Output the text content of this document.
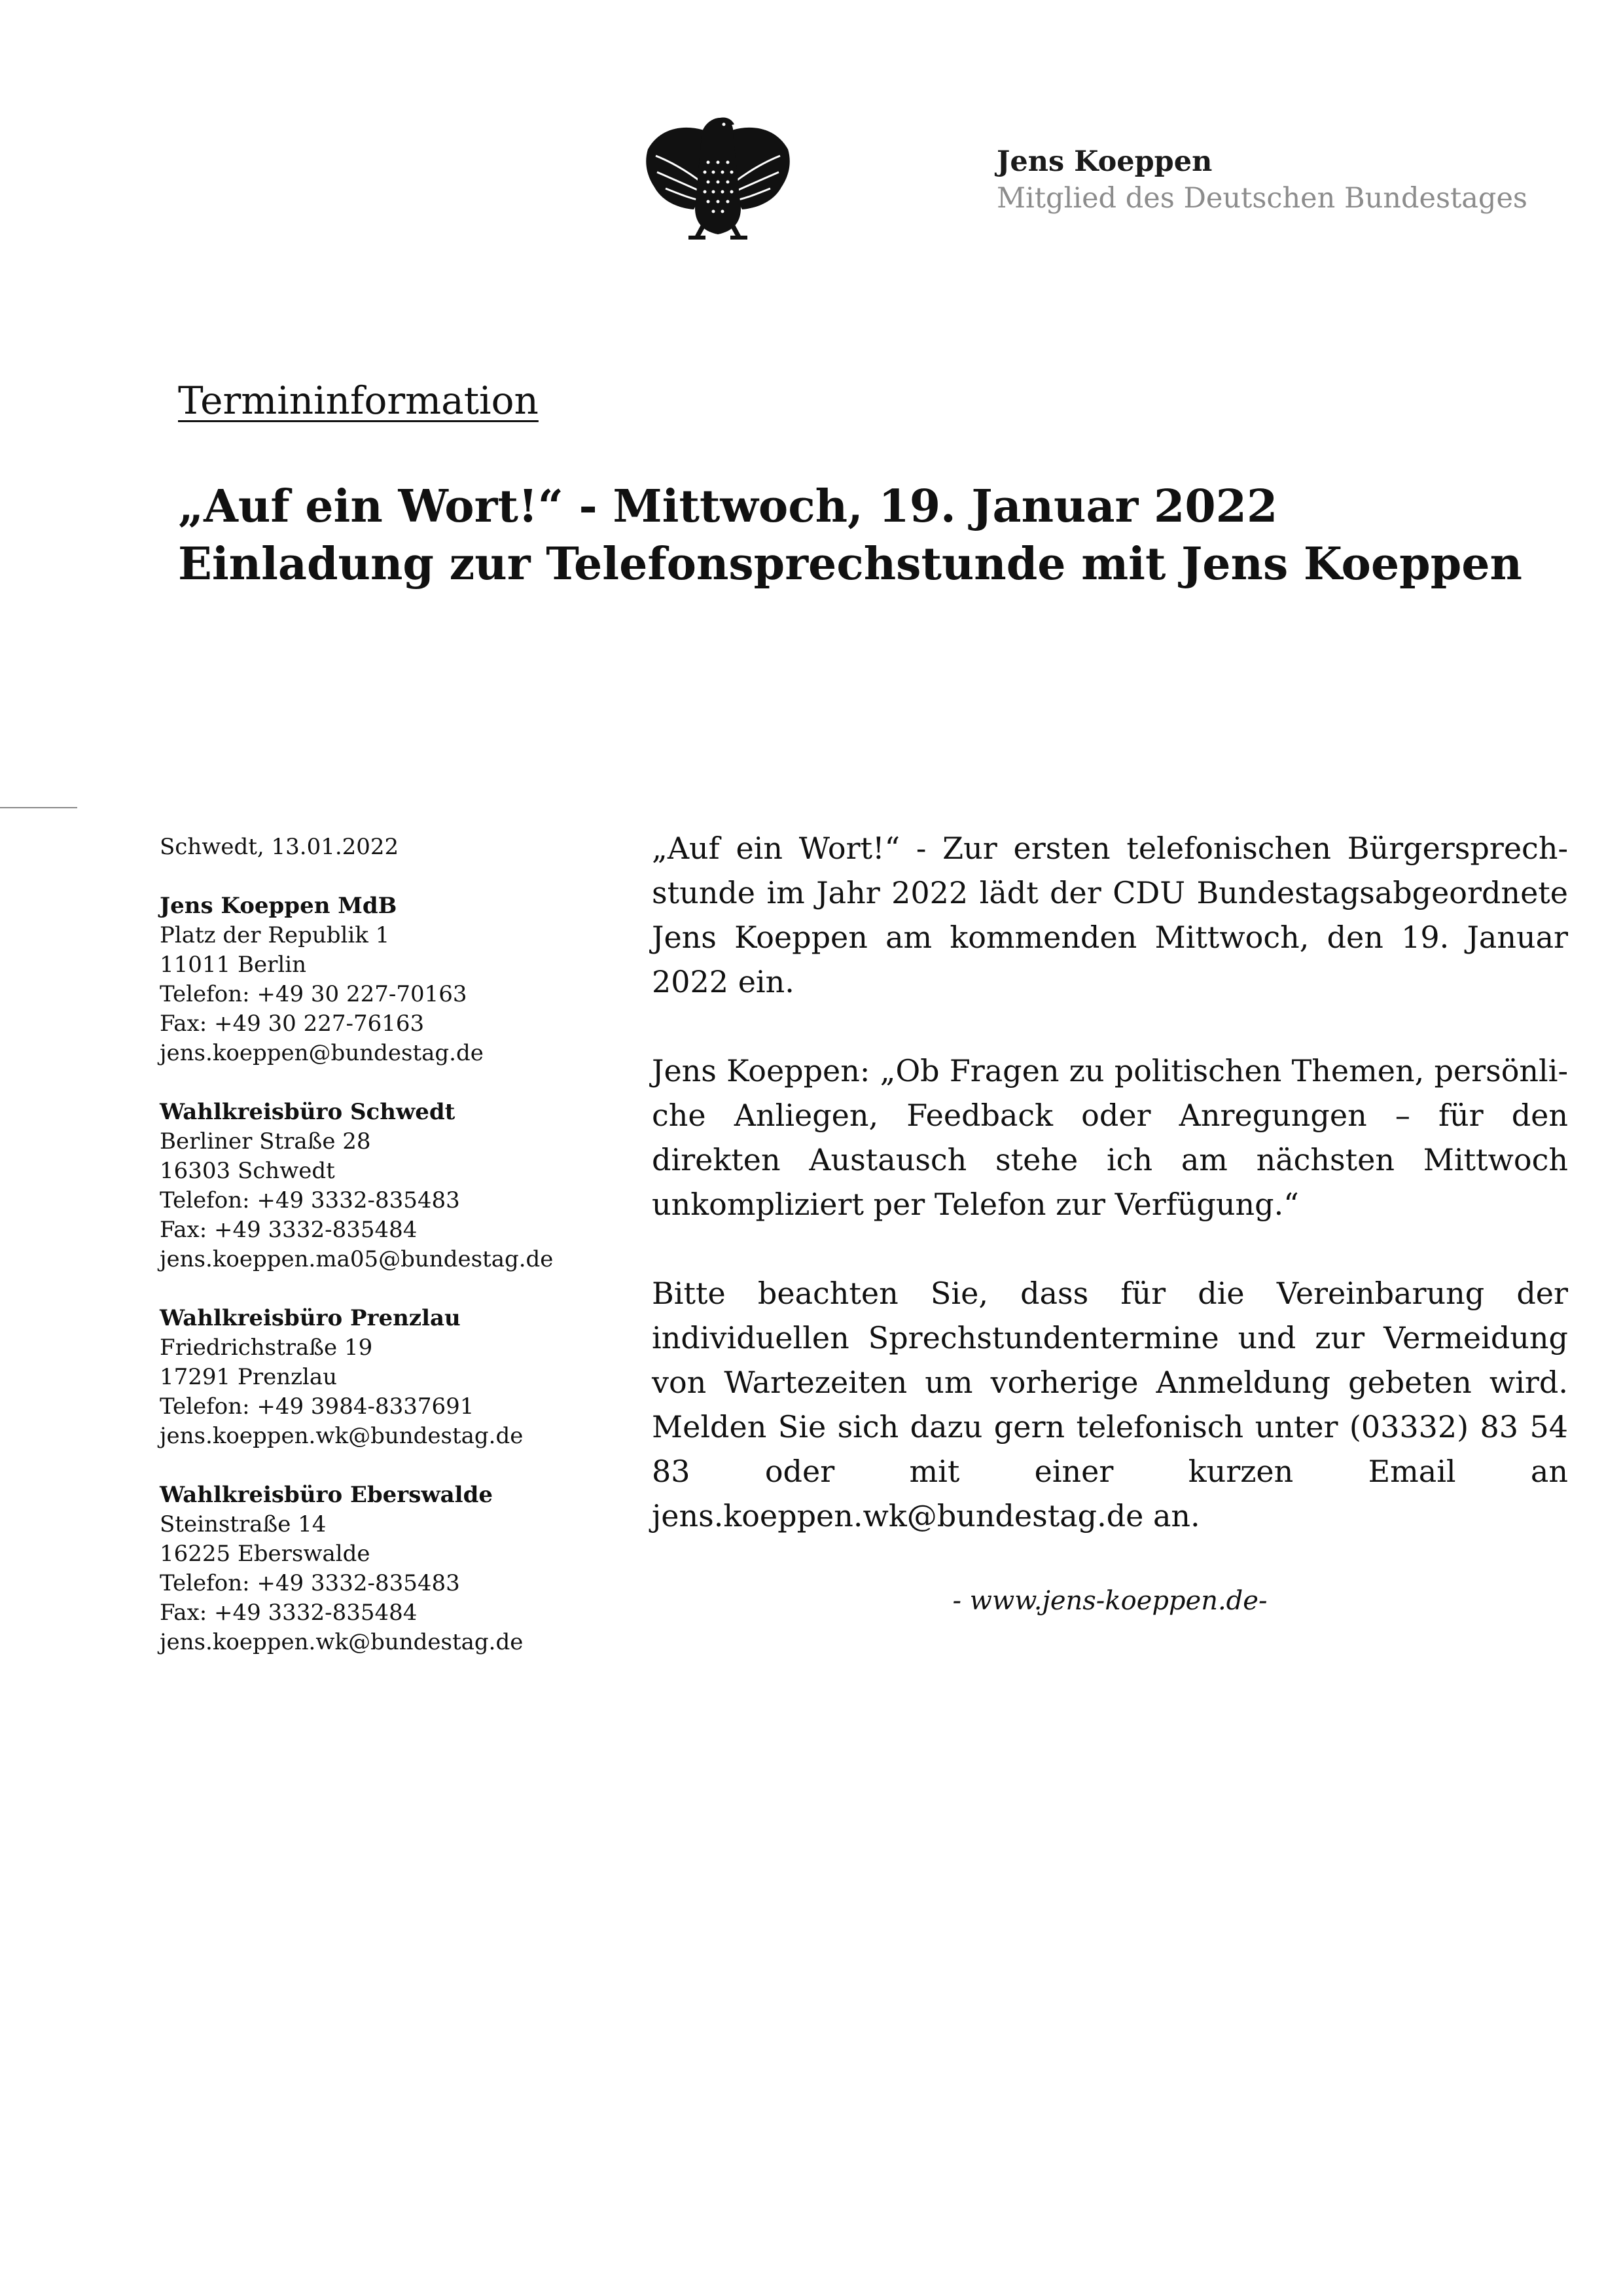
Jens Koeppen
Mitglied des Deutschen Bundestages
Termininformation
„Auf ein Wort!“ - Mittwoch, 19. Januar 2022
Einladung zur Telefonsprechstunde mit Jens Koeppen
Schwedt, 13.01.2022
Jens Koeppen MdB
Platz der Republik 1
11011 Berlin
Telefon: +49 30 227-70163
Fax: +49 30 227-76163
jens.koeppen@bundestag.de
Wahlkreisbüro Schwedt
Berliner Straße 28
16303 Schwedt
Telefon: +49 3332-835483
Fax: +49 3332-835484
jens.koeppen.ma05@bundestag.de
Wahlkreisbüro Prenzlau
Friedrichstraße 19
17291 Prenzlau
Telefon: +49 3984-8337691
jens.koeppen.wk@bundestag.de
Wahlkreisbüro Eberswalde
Steinstraße 14
16225 Eberswalde
Telefon: +49 3332-835483
Fax: +49 3332-835484
jens.koeppen.wk@bundestag.de

„Auf ein Wort!“ - Zur ersten telefonischen Bürgersprechstunde im Jahr 2022 lädt der CDU Bundestagsabgeordnete Jens Koeppen am kommenden Mittwoch, den 19. Januar 2022 ein.

Jens Koeppen: „Ob Fragen zu politischen Themen, persönliche Anliegen, Feedback oder Anregungen – für den direkten Austausch stehe ich am nächsten Mittwoch unkompliziert per Telefon zur Verfügung.“

Bitte beachten Sie, dass für die Vereinbarung der individuellen Sprechstundentermine und zur Vermeidung von Wartezeiten um vorherige Anmeldung gebeten wird. Melden Sie sich dazu gern telefonisch unter (03332) 83 54 83 oder mit einer kurzen Email an jens.koeppen.wk@bundestag.de an.

- www.jens-koeppen.de-
